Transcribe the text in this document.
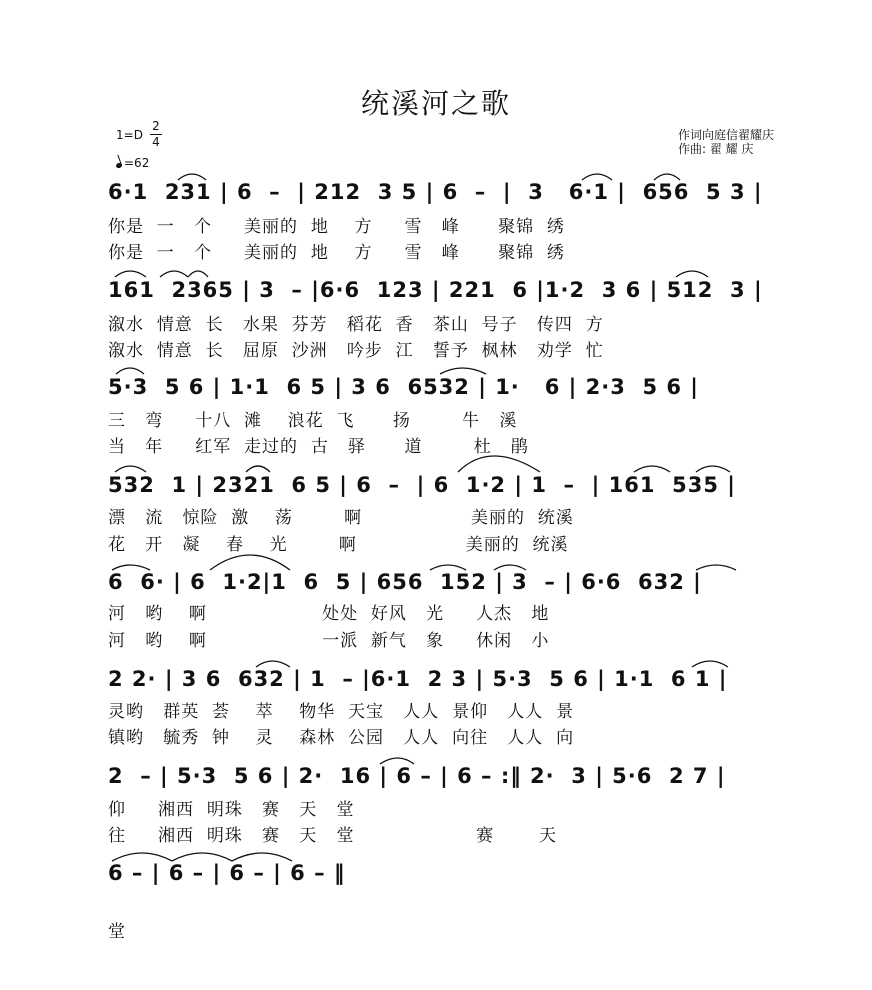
统溪河之歌
1=D
2
4
=62
作词向庭信翟耀庆
作曲: 翟 耀 庆
6·1  231 | 6  –  | 212  3 5 | 6  –  |  3   6·1 |  656  5 3 |
你是  一   个     美丽的  地    方     雪   峰      聚锦  绣
你是  一   个     美丽的  地    方     雪   峰      聚锦  绣
161  2365 | 3  – |6·6  123 | 221  6 |1·2  3 6 | 512  3 |
溆水  情意  长   水果  芬芳   稻花  香   茶山  号子   传四  方
溆水  情意  长   屈原  沙洲   吟步  江   誓予  枫林   劝学  忙
5·3  5 6 | 1·1  6 5 | 3 6  6532 | 1·   6 | 2·3  5 6 |
三   弯     十八  滩    浪花  飞      扬        牛   溪
当   年     红军  走过的  古   驿      道        杜   鹃
532  1 | 2321  6 5 | 6  –  | 6  1·2 | 1  –  | 161  535 |
漂   流   惊险  激    荡        啊                 美丽的  统溪
花   开   凝    春    光        啊                 美丽的  统溪
6  6· | 6  1·2|1  6  5 | 656  152 | 3  – | 6·6  632 |
河   哟    啊                  处处  好风   光     人杰   地
河   哟    啊                  一派  新气   象     休闲   小
2 2· | 3 6  632 | 1  – |6·1  2 3 | 5·3  5 6 | 1·1  6 1 |
灵哟   群英  荟    萃    物华  天宝   人人  景仰   人人  景
镇哟   毓秀  钟    灵    森林  公园   人人  向往   人人  向
2  – | 5·3  5 6 | 2·  16 | 6 – | 6 – :‖ 2·  3 | 5·6  2 7 |
仰     湘西  明珠   赛   天   堂
往     湘西  明珠   赛   天   堂                   赛       天
6 – | 6 – | 6 – | 6 – ‖
堂
